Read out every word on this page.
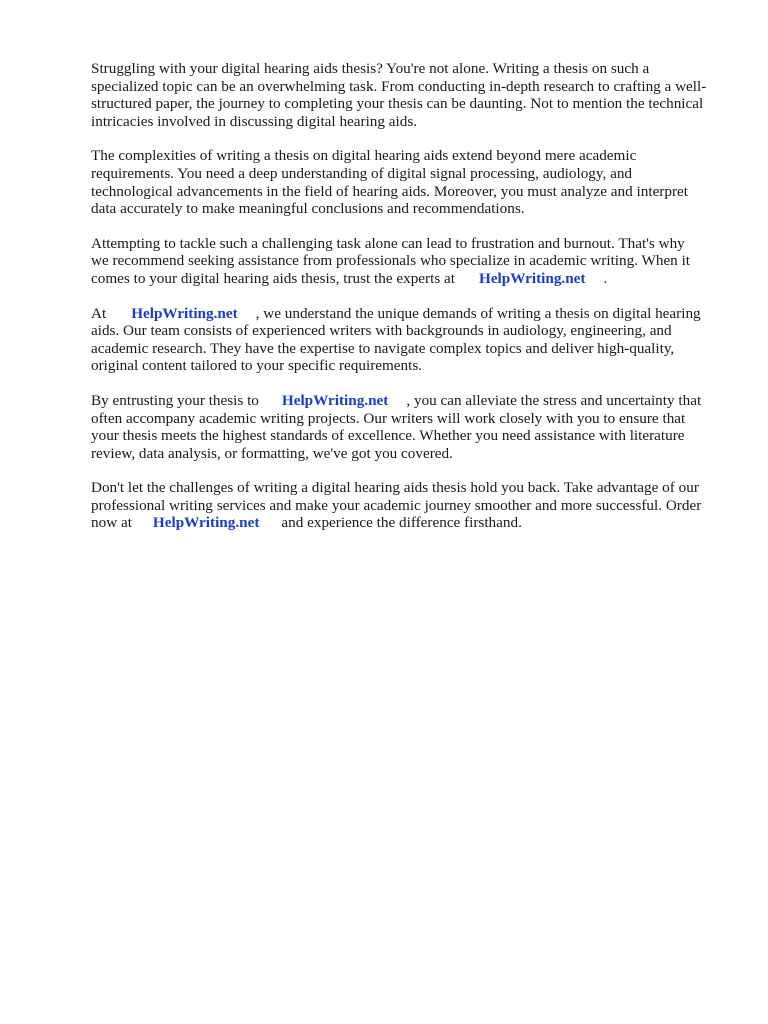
Struggling with your digital hearing aids thesis? You're not alone. Writing a thesis on such a
specialized topic can be an overwhelming task. From conducting in-depth research to crafting a well-
structured paper, the journey to completing your thesis can be daunting. Not to mention the technical
intricacies involved in discussing digital hearing aids.

The complexities of writing a thesis on digital hearing aids extend beyond mere academic
requirements. You need a deep understanding of digital signal processing, audiology, and
technological advancements in the field of hearing aids. Moreover, you must analyze and interpret
data accurately to make meaningful conclusions and recommendations.

Attempting to tackle such a challenging task alone can lead to frustration and burnout. That's why
we recommend seeking assistance from professionals who specialize in academic writing. When it
comes to your digital hearing aids thesis, trust the experts at HelpWriting.net .

At HelpWriting.net , we understand the unique demands of writing a thesis on digital hearing
aids. Our team consists of experienced writers with backgrounds in audiology, engineering, and
academic research. They have the expertise to navigate complex topics and deliver high-quality,
original content tailored to your specific requirements.

By entrusting your thesis to HelpWriting.net , you can alleviate the stress and uncertainty that
often accompany academic writing projects. Our writers will work closely with you to ensure that
your thesis meets the highest standards of excellence. Whether you need assistance with literature
review, data analysis, or formatting, we've got you covered.

Don't let the challenges of writing a digital hearing aids thesis hold you back. Take advantage of our
professional writing services and make your academic journey smoother and more successful. Order
now at HelpWriting.net and experience the difference firsthand.
